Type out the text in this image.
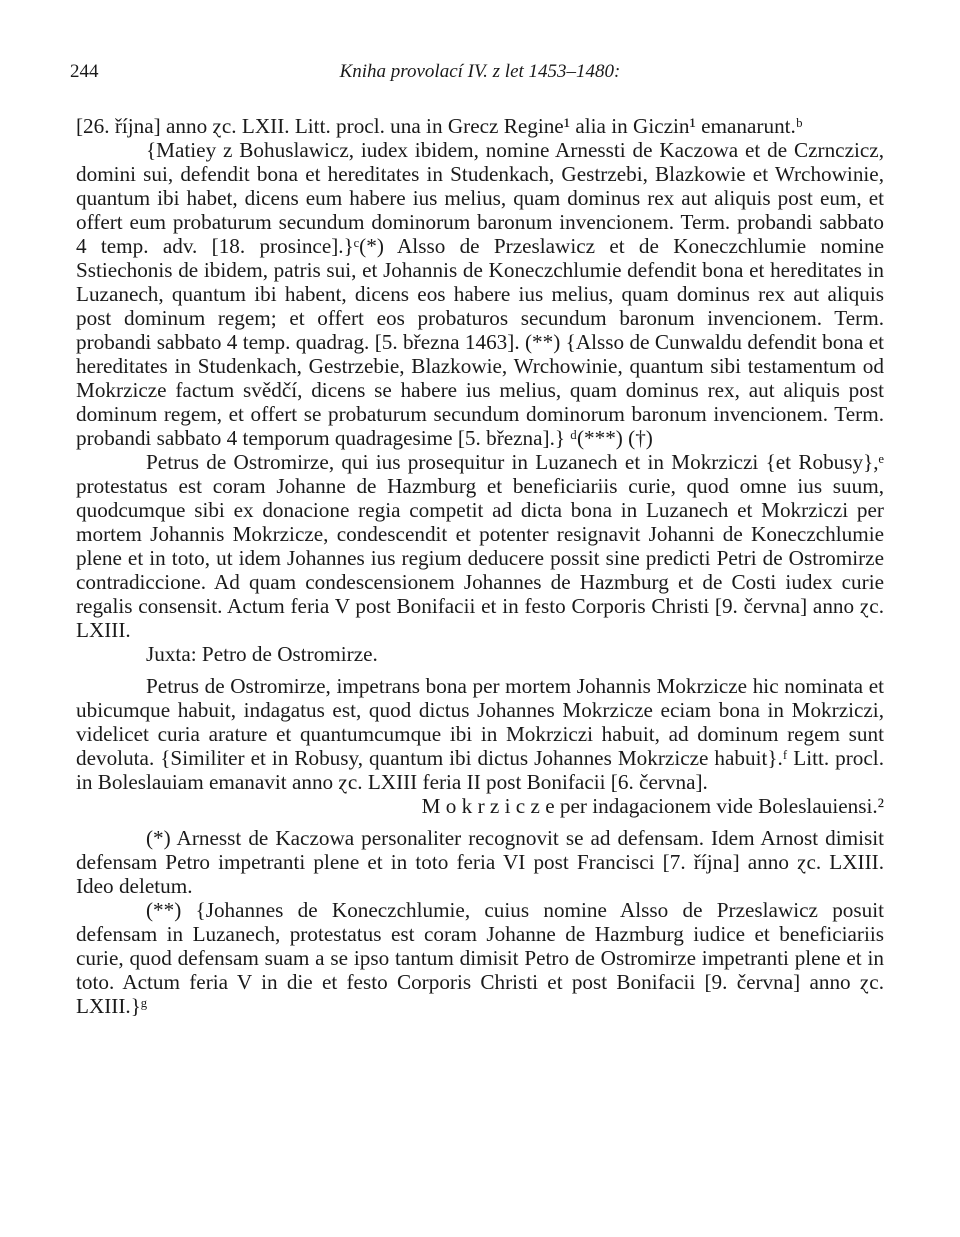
244	Kniha provolací IV. z let 1453–1480:

[26. října] anno ɀc. LXII. Litt. procl. una in Grecz Regine¹ alia in Giczin¹ emanarunt.ᵇ

{Matiey z Bohuslawicz, iudex ibidem, nomine Arnessti de Kaczowa et de Czrnczicz, domini sui, defendit bona et hereditates in Studenkach, Gestrzebi, Blazkowie et Wrchowinie, quantum ibi habet, dicens eum habere ius melius, quam dominus rex aut aliquis post eum, et offert eum probaturum secundum dominorum baronum invencionem. Term. probandi sabbato 4 temp. adv. [18. prosince].}ᶜ(*) Alsso de Przeslawicz et de Koneczchlumie nomine Sstiechonis de ibidem, patris sui, et Johannis de Koneczchlumie defendit bona et hereditates in Luzanech, quantum ibi habent, dicens eos habere ius melius, quam dominus rex aut aliquis post dominum regem; et offert eos probaturos secundum baronum invencionem. Term. probandi sabbato 4 temp. quadrag. [5. března 1463]. (**) {Alsso de Cunwaldu defendit bona et hereditates in Studenkach, Gestrzebie, Blazkowie, Wrchowinie, quantum sibi testamentum od Mokrzicze factum svědčí, dicens se habere ius melius, quam dominus rex, aut aliquis post dominum regem, et offert se probaturum secundum dominorum baronum invencionem. Term. probandi sabbato 4 temporum quadragesime [5. března].} ᵈ(***) (†)

Petrus de Ostromirze, qui ius prosequitur in Luzanech et in Mokrziczi {et Robusy},ᵉ protestatus est coram Johanne de Hazmburg et beneficiariis curie, quod omne ius suum, quodcumque sibi ex donacione regia competit ad dicta bona in Luzanech et Mokrziczi per mortem Johannis Mokrzicze, condescendit et potenter resignavit Johanni de Koneczchlumie plene et in toto, ut idem Johannes ius regium deducere possit sine predicti Petri de Ostromirze contradiccione. Ad quam condescensionem Johannes de Hazmburg et de Costi iudex curie regalis consensit. Actum feria V post Bonifacii et in festo Corporis Christi [9. června] anno ɀc. LXIII.

Juxta: Petro de Ostromirze.

Petrus de Ostromirze, impetrans bona per mortem Johannis Mokrzicze hic nominata et ubicumque habuit, indagatus est, quod dictus Johannes Mokrzicze eciam bona in Mokrziczi, videlicet curia arature et quantumcumque ibi in Mokrziczi habuit, ad dominum regem sunt devoluta. {Similiter et in Robusy, quantum ibi dictus Johannes Mokrzicze habuit}.ᶠ Litt. procl. in Boleslauiam emanavit anno ɀc. LXIII feria II post Bonifacii [6. června].

M o k r z i c z e per indagacionem vide Boleslauiensi.²

(*) Arnesst de Kaczowa personaliter recognovit se ad defensam. Idem Arnost dimisit defensam Petro impetranti plene et in toto feria VI post Francisci [7. října] anno ɀc. LXIII. Ideo deletum.

(**) {Johannes de Koneczchlumie, cuius nomine Alsso de Przeslawicz posuit defensam in Luzanech, protestatus est coram Johanne de Hazmburg iudice et beneficiariis curie, quod defensam suam a se ipso tantum dimisit Petro de Ostromirze impetranti plene et in toto. Actum feria V in die et festo Corporis Christi et post Bonifacii [9. června] anno ɀc. LXIII.}ᵍ
